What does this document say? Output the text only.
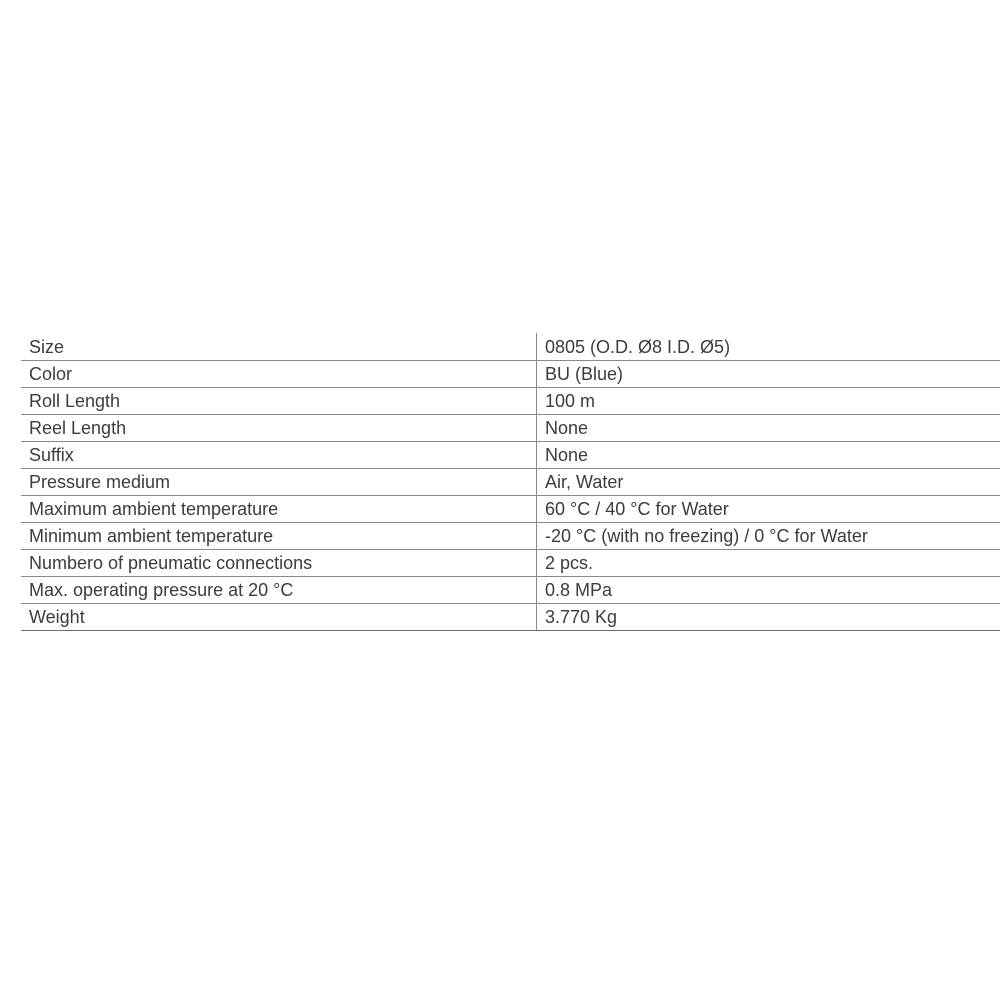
Size	0805 (O.D. Ø8 I.D. Ø5)
Color	BU (Blue)
Roll Length	100 m
Reel Length	None
Suffix	None
Pressure medium	Air, Water
Maximum ambient temperature	60 °C / 40 °C for Water
Minimum ambient temperature	-20 °C (with no freezing) / 0 °C for Water
Numbero of pneumatic connections	2 pcs.
Max. operating pressure at 20 °C	0.8 MPa
Weight	3.770 Kg
